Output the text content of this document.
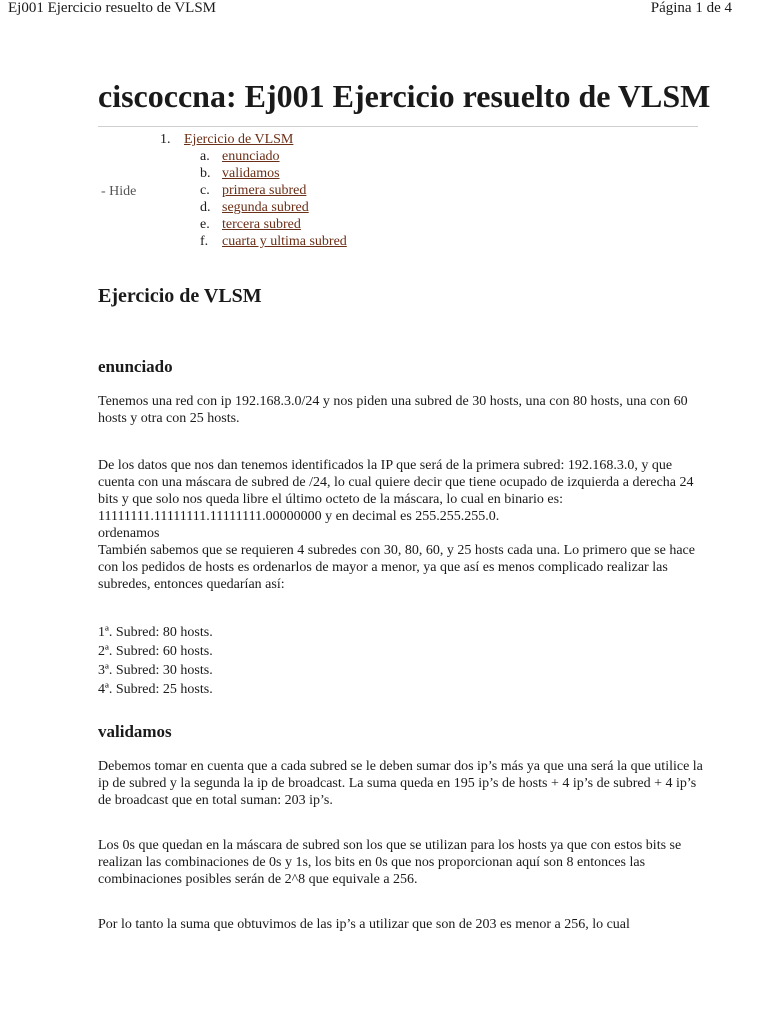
Ej001 Ejercicio resuelto de VLSM	Página 1 de 4
ciscoccna: Ej001 Ejercicio resuelto de VLSM
- Hide
1. Ejercicio de VLSM
a. enunciado
b. validamos
c. primera subred
d. segunda subred
e. tercera subred
f. cuarta y ultima subred
Ejercicio de VLSM
enunciado

Tenemos una red con ip 192.168.3.0/24 y nos piden una subred de 30 hosts, una con 80 hosts, una con 60 hosts y otra con 25 hosts.

De los datos que nos dan tenemos identificados la IP que será de la primera subred: 192.168.3.0, y que cuenta con una máscara de subred de /24, lo cual quiere decir que tiene ocupado de izquierda a derecha 24 bits y que solo nos queda libre el último octeto de la máscara, lo cual en binario es: 11111111.11111111.11111111.00000000 y en decimal es 255.255.255.0.

ordenamos

También sabemos que se requieren 4 subredes con 30, 80, 60, y 25 hosts cada una. Lo primero que se hace con los pedidos de hosts es ordenarlos de mayor a menor, ya que así es menos complicado realizar las subredes, entonces quedarían así:

1ª. Subred: 80 hosts.
2ª. Subred: 60 hosts.
3ª. Subred: 30 hosts.
4ª. Subred: 25 hosts.
validamos

Debemos tomar en cuenta que a cada subred se le deben sumar dos ip’s más ya que una será la que utilice la ip de subred y la segunda la ip de broadcast. La suma queda en 195 ip’s de hosts + 4 ip’s de subred + 4 ip’s de broadcast que en total suman: 203 ip’s.

Los 0s que quedan en la máscara de subred son los que se utilizan para los hosts ya que con estos bits se realizan las combinaciones de 0s y 1s, los bits en 0s que nos proporcionan aquí son 8 entonces las combinaciones posibles serán de 2^8 que equivale a 256.

Por lo tanto la suma que obtuvimos de las ip’s a utilizar que son de 203 es menor a 256, lo cual
